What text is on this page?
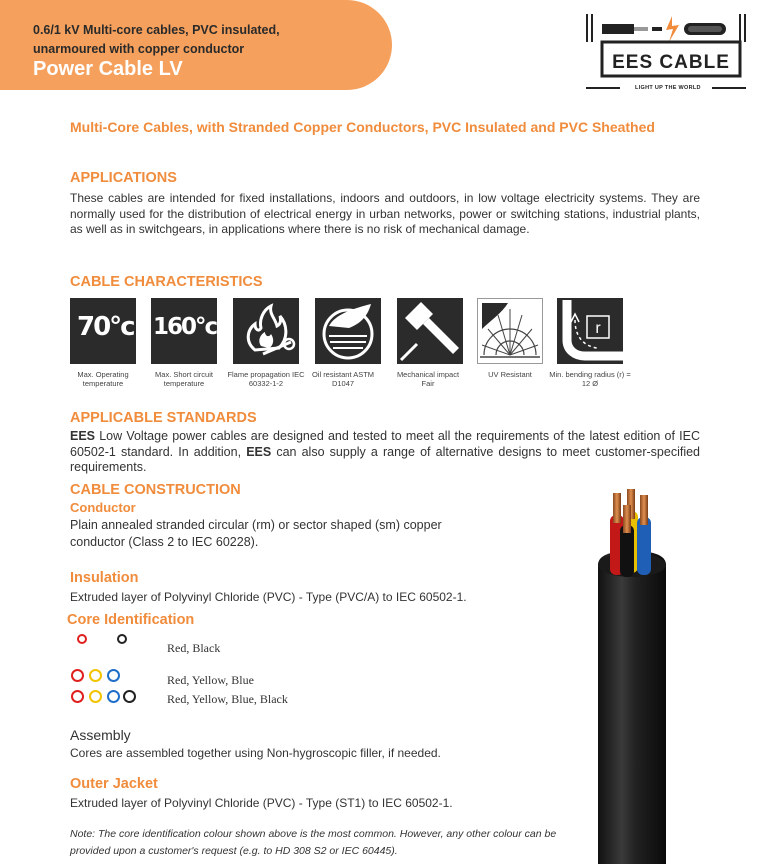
0.6/1 kV Multi-core cables, PVC insulated,
unarmoured with copper conductor
Power Cable LV	EES CABLE
LIGHT UP THE WORLD
Multi-Core Cables, with Stranded Copper Conductors, PVC Insulated and PVC Sheathed
APPLICATIONS
These cables are intended for fixed installations, indoors and outdoors, in low voltage electricity systems. They are normally used for the distribution of electrical energy in urban networks, power or switching stations, industrial plants, as well as in switchgears, in applications where there is no risk of mechanical damage.
CABLE CHARACTERISTICS
70°c 160°c	r
Max. Operating temperature
Max. Short circuit temperature
Flame propagation IEC 60332-1-2
Oil resistant ASTM D1047
Mechanical impact Fair
UV Resistant	Min. bending radius (r) = 12 Ø
APPLICABLE STANDARDS
EES Low Voltage power cables are designed and tested to meet all the requirements of the latest edition of IEC 60502-1 standard. In addition, EES can also supply a range of alternative designs to meet customer-specified requirements.
CABLE CONSTRUCTION
Conductor
Plain annealed stranded circular (rm) or sector shaped (sm) copper conductor (Class 2 to IEC 60228).
Insulation
Extruded layer of Polyvinyl Chloride (PVC) - Type (PVC/A) to IEC 60502-1.
Core Identification
Red, Black
Red, Yellow, Blue
Red, Yellow, Blue, Black
Assembly
Cores are assembled together using Non-hygroscopic filler, if needed.
Outer Jacket
Extruded layer of Polyvinyl Chloride (PVC) - Type (ST1) to IEC 60502-1.
Note: The core identification colour shown above is the most common. However, any other colour can be provided upon a customer's request (e.g. to HD 308 S2 or IEC 60445).
